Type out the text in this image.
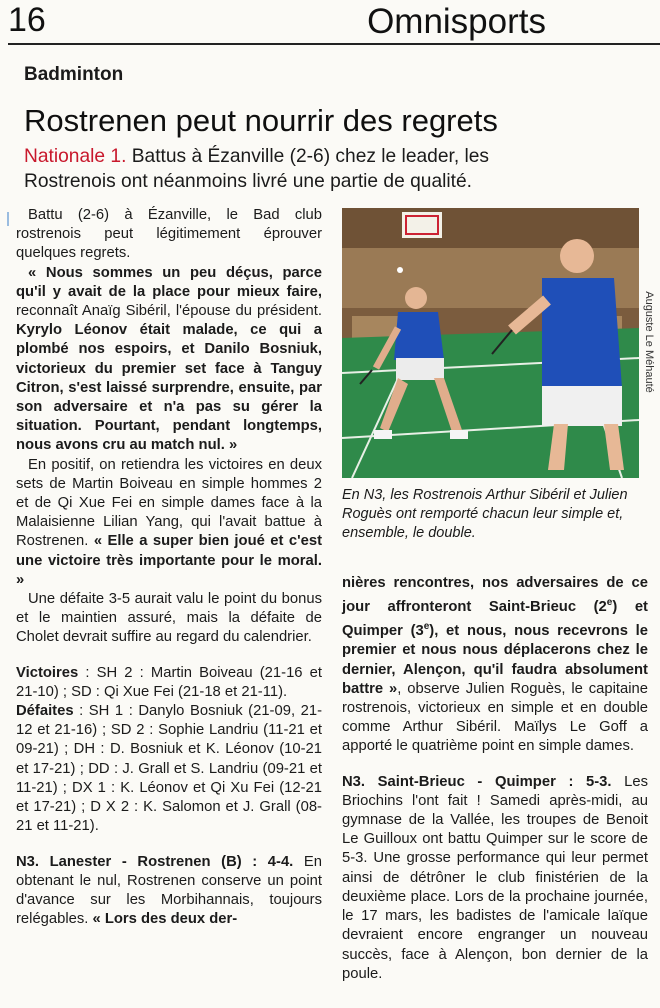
16	Omnisports
Badminton
Rostrenen peut nourrir des regrets
Nationale 1. Battus à Ézanville (2-6) chez le leader, les Rostrenois ont néanmoins livré une partie de qualité.

Battu (2-6) à Ézanville, le Bad club rostrenois peut légitimement éprouver quelques regrets.

« Nous sommes un peu déçus, parce qu'il y avait de la place pour mieux faire, reconnaît Anaïg Sibéril, l'épouse du président. Kyrylo Léonov était malade, ce qui a plombé nos espoirs, et Danilo Bosniuk, victorieux du premier set face à Tanguy Citron, s'est laissé surprendre, ensuite, par son adversaire et n'a pas su gérer la situation. Pourtant, pendant longtemps, nous avons cru au match nul. »

En positif, on retiendra les victoires en deux sets de Martin Boiveau en simple hommes 2 et de Qi Xue Fei en simple dames face à la Malaisienne Lilian Yang, qui l'avait battue à Rostrenen. « Elle a super bien joué et c'est une victoire très importante pour le moral. »

Une défaite 3-5 aurait valu le point du bonus et le maintien assuré, mais la défaite de Cholet devrait suffire au regard du calendrier.

Victoires : SH 2 : Martin Boiveau (21-16 et 21-10) ; SD : Qi Xue Fei (21-18 et 21-11).

Défaites : SH 1 : Danylo Bosniuk (21-09, 21-12 et 21-16) ; SD 2 : Sophie Landriu (11-21 et 09-21) ; DH : D. Bosniuk et K. Léonov (10-21 et 17-21) ; DD : J. Grall et S. Landriu (09-21 et 11-21) ; DX 1 : K. Léonov et Qi Xu Fei (12-21 et 17-21) ; D X 2 : K. Salomon et J. Grall (08-21 et 11-21).

N3. Lanester - Rostrenen (B) : 4-4. En obtenant le nul, Rostrenen conserve un point d'avance sur les Morbihannais, toujours relégables. « Lors des deux der-

Auguste Le Méhauté
En N3, les Rostrenois Arthur Sibéril et Julien Roguès ont remporté chacun leur simple et, ensemble, le double.

nières rencontres, nos adversaires de ce jour affronteront Saint-Brieuc (2e) et Quimper (3e), et nous, nous recevrons le premier et nous nous déplacerons chez le dernier, Alençon, qu'il faudra absolument battre », observe Julien Roguès, le capitaine rostrenois, victorieux en simple et en double comme Arthur Sibéril. Maïlys Le Goff a apporté le quatrième point en simple dames.

N3. Saint-Brieuc - Quimper : 5-3. Les Briochins l'ont fait ! Samedi après-midi, au gymnase de la Vallée, les troupes de Benoit Le Guilloux ont battu Quimper sur le score de 5-3. Une grosse performance qui leur permet ainsi de détrôner le club finistérien de la deuxième place. Lors de la prochaine journée, le 17 mars, les badistes de l'amicale laïque devraient encore engranger un nouveau succès, face à Alençon, bon dernier de la poule.
